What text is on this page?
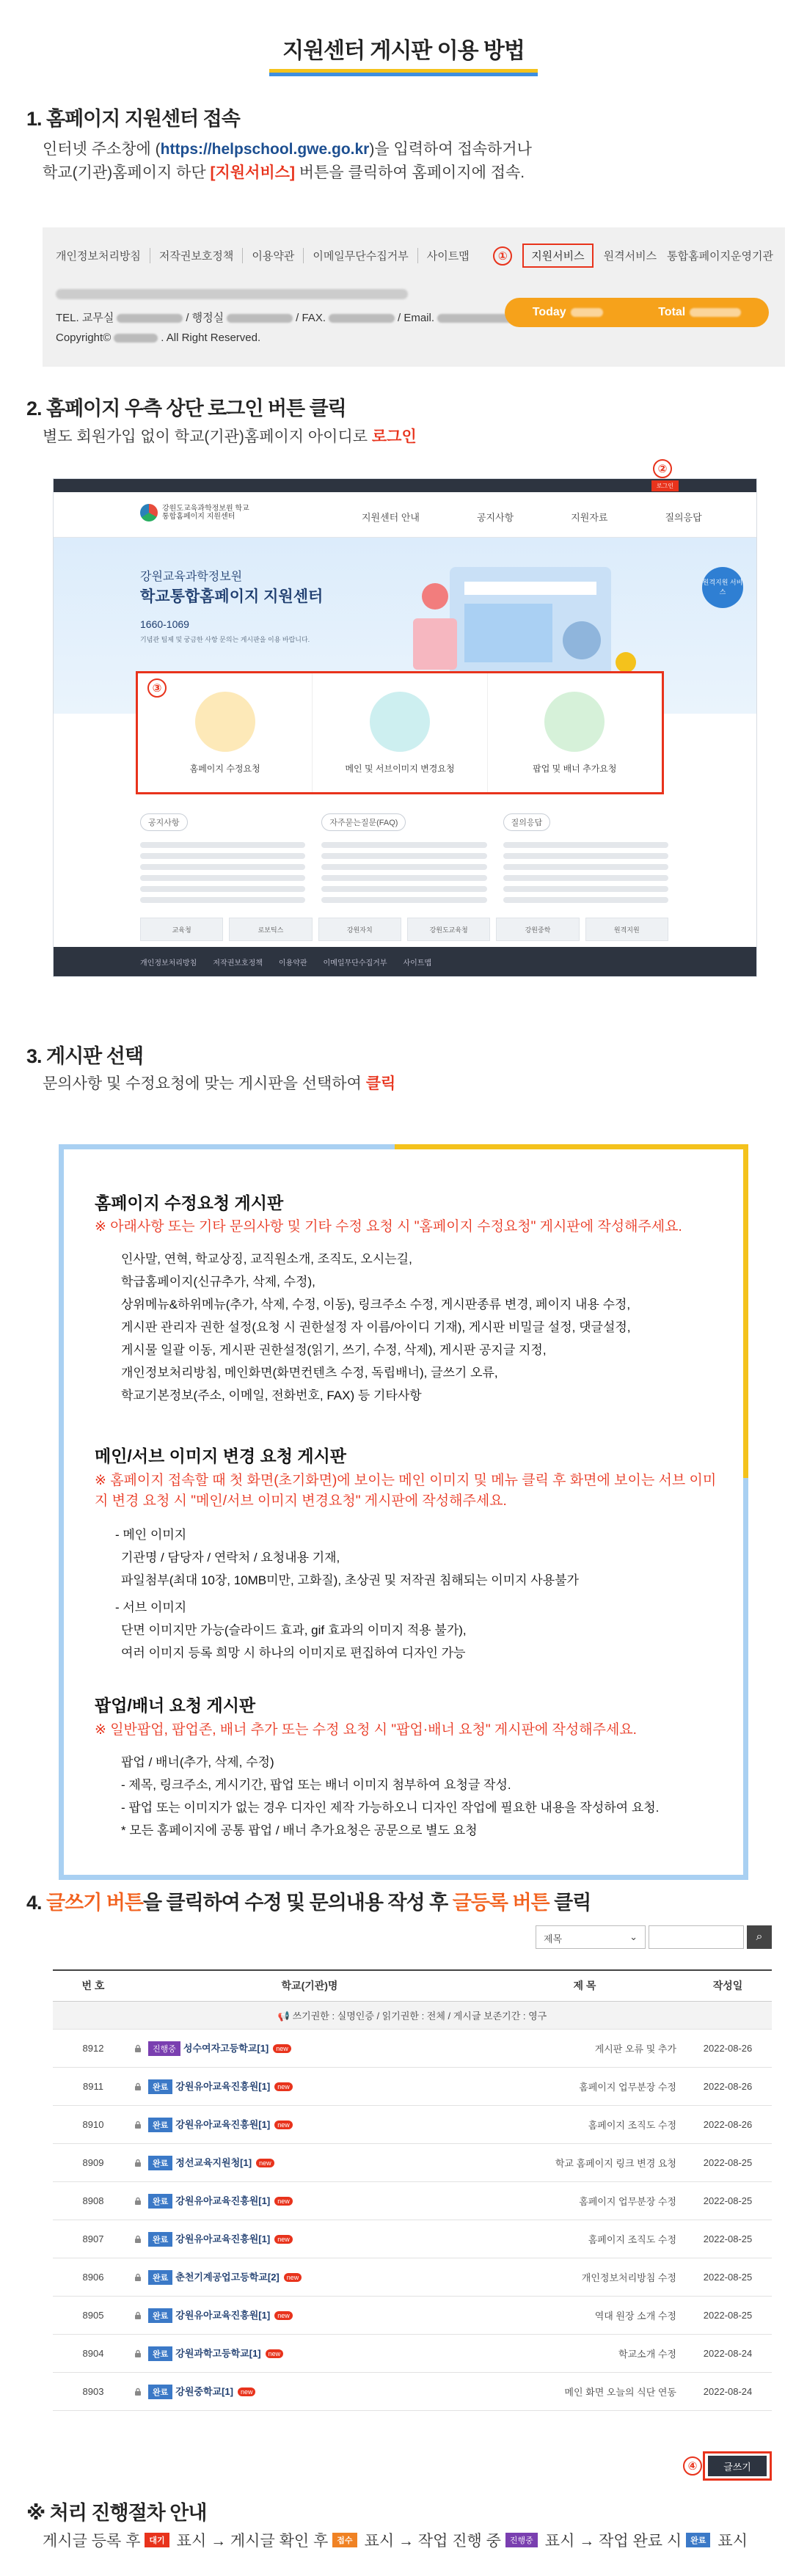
지원센터 게시판 이용 방법
1. 홈페이지 지원센터 접속
인터넷 주소창에 (https://helpschool.gwe.go.kr)을 입력하여 접속하거나
학교(기관)홈페이지 하단 [지원서비스] 버튼을 클릭하여 홈페이지에 접속.
개인정보처리방침	저작권보호정책	이용약관	이메일무단수집거부	사이트맵	①	지원서비스	원격서비스 통합홈페이지운영기관
TEL. 교무실	/ 행정실	/ FAX.	/ Email.
Copyright©	. All Right Reserved.
Today	Total
2. 홈페이지 우측 상단 로그인 버튼 클릭
별도 회원가입 없이 학교(기관)홈페이지 아이디로 로그인
②
로그인
강원도교육과학정보원 학교통합홈페이지 지원센터	지원센터 안내	공지사항	지원자료	질의응답
강원교육과학정보원
학교통합홈페이지 지원센터
1660-1069
기념관 팀제 및 궁금한 사항 문의는 게시판을 이용 바랍니다.
원격지원 서비스
③
홈페이지 수정요청	메인 및 서브이미지 변경요청	팝업 및 배너 추가요청
공지사항	자주묻는질문(FAQ)	질의응답
교육청	로보틱스	강원자치	강원도교육청	강원중학	원격지원
개인정보처리방침 저작권보호정책 이용약관 이메일무단수집거부 사이트맵
3. 게시판 선택
문의사항 및 수정요청에 맞는 게시판을 선택하여 클릭
홈페이지 수정요청 게시판
※ 아래사항 또는 기타 문의사항 및 기타 수정 요청 시 "홈페이지 수정요청" 게시판에 작성해주세요.
인사말, 연혁, 학교상징, 교직원소개, 조직도, 오시는길,
학급홈페이지(신규추가, 삭제, 수정),
상위메뉴&하위메뉴(추가, 삭제, 수정, 이동), 링크주소 수정, 게시판종류 변경, 페이지 내용 수정,
게시판 관리자 권한 설정(요청 시 권한설정 자 이름/아이디 기재), 게시판 비밀글 설정, 댓글설정,
게시물 일괄 이동, 게시판 권한설정(읽기, 쓰기, 수정, 삭제), 게시판 공지글 지정,
개인정보처리방침, 메인화면(화면컨텐츠 수정, 독립배너), 글쓰기 오류,
학교기본정보(주소, 이메일, 전화번호, FAX) 등 기타사항
메인/서브 이미지 변경 요청 게시판
※ 홈페이지 접속할 때 첫 화면(초기화면)에 보이는 메인 이미지 및 메뉴 클릭 후 화면에 보이는 서브 이미지 변경 요청 시 "메인/서브 이미지 변경요청" 게시판에 작성해주세요.
- 메인 이미지
기관명 / 담당자 / 연락처 / 요청내용 기재,
파일첨부(최대 10장, 10MB미만, 고화질), 초상권 및 저작권 침해되는 이미지 사용불가
- 서브 이미지
단면 이미지만 가능(슬라이드 효과, gif 효과의 이미지 적용 불가),
여러 이미지 등록 희망 시 하나의 이미지로 편집하여 디자인 가능
팝업/배너 요청 게시판
※ 일반팝업, 팝업존, 배너 추가 또는 수정 요청 시 "팝업·배너 요청" 게시판에 작성해주세요.
팝업 / 배너(추가, 삭제, 수정)
- 제목, 링크주소, 게시기간, 팝업 또는 배너 이미지 첨부하여 요청글 작성.
- 팝업 또는 이미지가 없는 경우 디자인 제작 가능하오니 디자인 작업에 필요한 내용을 작성하여 요청.
* 모든 홈페이지에 공통 팝업 / 배너 추가요청은 공문으로 별도 요청
4. 글쓰기 버튼을 클릭하여 수정 및 문의내용 작성 후 글등록 버튼 클릭
제목	⌄	⌕
번 호	학교(기관)명	제 목	작성일
📢 쓰기권한 : 실명인증 / 읽기권한 : 전체 / 게시글 보존기간 : 영구			
8912	진행중 성수여자고등학교[1] new	게시판 오류 및 추가	2022-08-26
8911	완료 강원유아교육진흥원[1] new	홈페이지 업무분장 수정	2022-08-26
8910	완료 강원유아교육진흥원[1] new	홈페이지 조직도 수정	2022-08-26
8909	완료 정선교육지원청[1] new	학교 홈페이지 링크 변경 요청	2022-08-25
8908	완료 강원유아교육진흥원[1] new	홈페이지 업무분장 수정	2022-08-25
8907	완료 강원유아교육진흥원[1] new	홈페이지 조직도 수정	2022-08-25
8906	완료 춘천기계공업고등학교[2] new	개인정보처리방침 수정	2022-08-25
8905	완료 강원유아교육진흥원[1] new	역대 원장 소개 수정	2022-08-25
8904	완료 강원과학고등학교[1] new	학교소개 수정	2022-08-24
8903	완료 강원중학교[1] new	메인 화면 오늘의 식단 연동	2022-08-24
④	글쓰기
※ 처리 진행절차 안내
게시글 등록 후	대기 표시 → 게시글 확인 후	접수 표시 → 작업 진행 중	진행중 표시 → 작업 완료 시	완료 표시
